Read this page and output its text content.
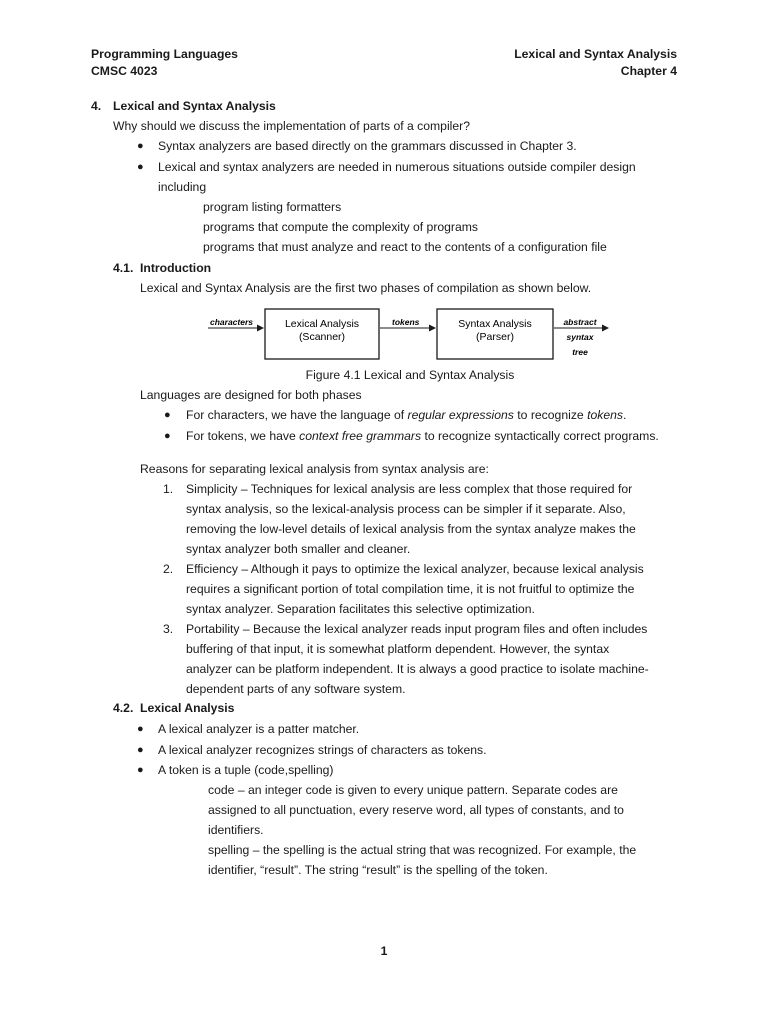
Programming Languages
CMSC 4023
Lexical and Syntax Analysis
Chapter 4
4. Lexical and Syntax Analysis
Why should we discuss the implementation of parts of a compiler?
● Syntax analyzers are based directly on the grammars discussed in Chapter 3.
● Lexical and syntax analyzers are needed in numerous situations outside compiler design
including
program listing formatters
programs that compute the complexity of programs
programs that must analyze and react to the contents of a configuration file
4.1. Introduction
Lexical and Syntax Analysis are the first two phases of compilation as shown below.
characters	Lexical Analysis
(Scanner)
tokens	Syntax Analysis
(Parser)
abstract
syntax
tree
Figure 4.1 Lexical and Syntax Analysis
Languages are designed for both phases
● For characters, we have the language of regular expressions to recognize tokens.
● For tokens, we have context free grammars to recognize syntactically correct programs.
Reasons for separating lexical analysis from syntax analysis are:
1. Simplicity – Techniques for lexical analysis are less complex that those required for
syntax analysis, so the lexical-analysis process can be simpler if it separate. Also,
removing the low-level details of lexical analysis from the syntax analyze makes the
syntax analyzer both smaller and cleaner.
2. Efficiency – Although it pays to optimize the lexical analyzer, because lexical analysis
requires a significant portion of total compilation time, it is not fruitful to optimize the
syntax analyzer. Separation facilitates this selective optimization.
3. Portability – Because the lexical analyzer reads input program files and often includes
buffering of that input, it is somewhat platform dependent. However, the syntax
analyzer can be platform independent. It is always a good practice to isolate machine-
dependent parts of any software system.
4.2. Lexical Analysis
● A lexical analyzer is a patter matcher.
● A lexical analyzer recognizes strings of characters as tokens.
● A token is a tuple (code,spelling)
code – an integer code is given to every unique pattern. Separate codes are
assigned to all punctuation, every reserve word, all types of constants, and to
identifiers.
spelling – the spelling is the actual string that was recognized. For example, the
identifier, “result”. The string “result” is the spelling of the token.
1
